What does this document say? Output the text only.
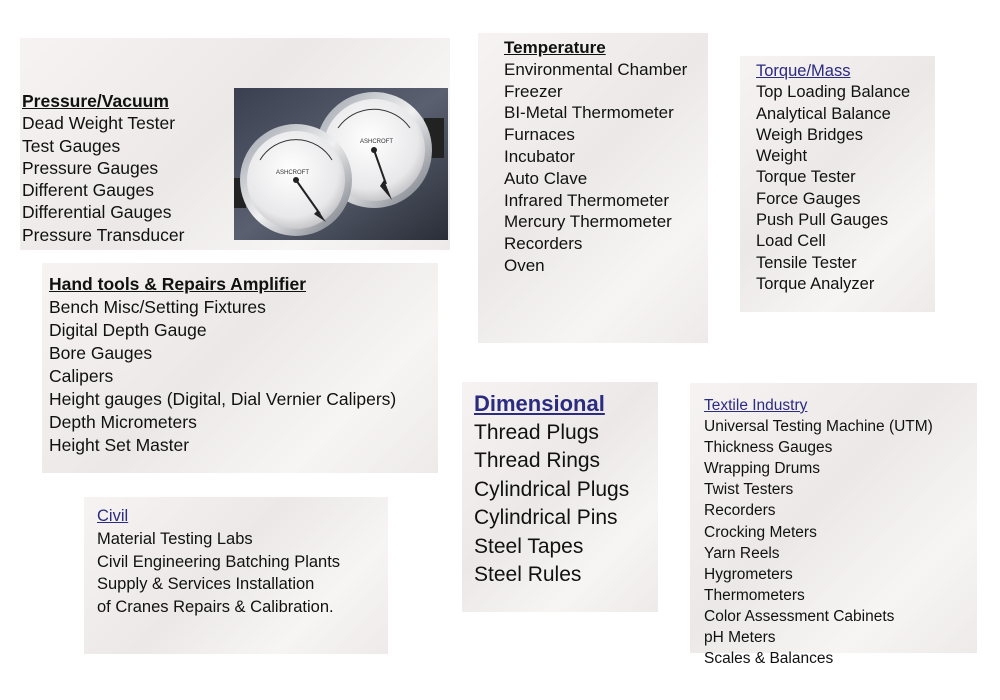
Pressure/Vacuum
Dead Weight Tester
Test Gauges
Pressure Gauges
Different Gauges
Differential Gauges
Pressure Transducer
ASHCROFT
ASHCROFT
Temperature
Environmental Chamber
Freezer
BI-Metal Thermometer
Furnaces
Incubator
Auto Clave
Infrared Thermometer
Mercury Thermometer
Recorders
Oven
Torque/Mass
Top Loading Balance
Analytical Balance
Weigh Bridges
Weight
Torque Tester
Force Gauges
Push Pull Gauges
Load Cell
Tensile Tester
Torque Analyzer
Hand tools & Repairs Amplifier
Bench Misc/Setting Fixtures
Digital Depth Gauge
Bore Gauges
Calipers
Height gauges (Digital, Dial Vernier Calipers)
Depth Micrometers
Height Set Master
Dimensional
Thread Plugs
Thread Rings
Cylindrical Plugs
Cylindrical Pins
Steel Tapes
Steel Rules
Textile Industry
Universal Testing Machine (UTM)
Thickness Gauges
Wrapping Drums
Twist Testers
Recorders
Crocking Meters
Yarn Reels
Hygrometers
Thermometers
Color Assessment Cabinets
pH Meters
Scales & Balances
Civil
Material Testing Labs
Civil Engineering Batching Plants
Supply & Services Installation
of Cranes Repairs & Calibration.
